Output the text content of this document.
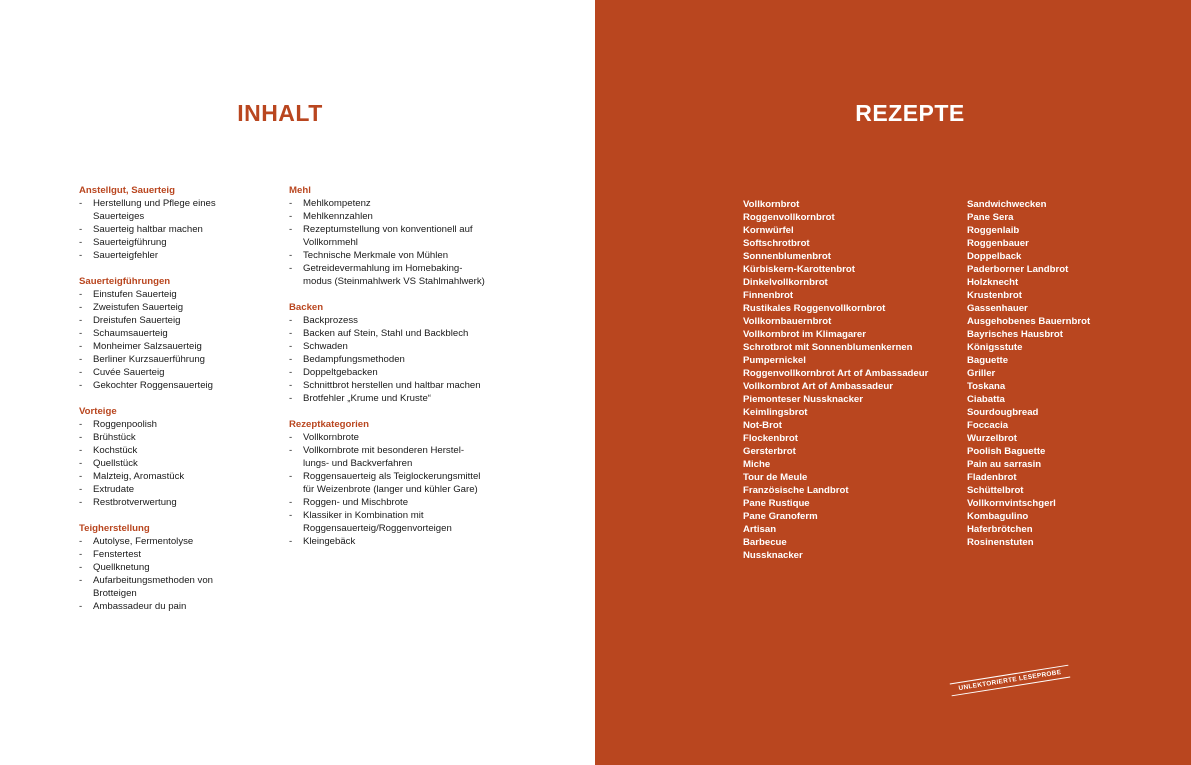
INHALT
Anstellgut, Sauerteig
-	Herstellung und Pflege eines
Sauerteiges
-	Sauerteig haltbar machen
-	Sauerteigführung
-	Sauerteigfehler
Sauerteigführungen
-	Einstufen Sauerteig
-	Zweistufen Sauerteig
-	Dreistufen Sauerteig
-	Schaumsauerteig
-	Monheimer Salzsauerteig
-	Berliner Kurzsauerführung
-	Cuvée Sauerteig
-	Gekochter Roggensauerteig
Vorteige
-	Roggenpoolish
-	Brühstück
-	Kochstück
-	Quellstück
-	Malzteig, Aromastück
-	Extrudate
-	Restbrotverwertung
Teigherstellung
-	Autolyse, Fermentolyse
-	Fenstertest
-	Quellknetung
-	Aufarbeitungsmethoden von
Brotteigen
-	Ambassadeur du pain
Mehl
-	Mehlkompetenz
-	Mehlkennzahlen
-	Rezeptumstellung von konventionell auf
Vollkornmehl
-	Technische Merkmale von Mühlen
-	Getreidevermahlung im Homebaking-
modus (Steinmahlwerk VS Stahlmahlwerk)
Backen
-	Backprozess
-	Backen auf Stein, Stahl und Backblech
-	Schwaden
-	Bedampfungsmethoden
-	Doppeltgebacken
-	Schnittbrot herstellen und haltbar machen
-	Brotfehler „Krume und Kruste“
Rezeptkategorien
-	Vollkornbrote
-	Vollkornbrote mit besonderen Herstel-
lungs- und Backverfahren
-	Roggensauerteig als Teiglockerungsmittel
für Weizenbrote (langer und kühler Gare)
-	Roggen- und Mischbrote
-	Klassiker in Kombination mit
Roggensauerteig/Roggenvorteigen
-	Kleingebäck
REZEPTE
Vollkornbrot
Roggenvollkornbrot
Kornwürfel
Softschrotbrot
Sonnenblumenbrot
Kürbiskern-Karottenbrot
Dinkelvollkornbrot
Finnenbrot
Rustikales Roggenvollkornbrot
Vollkornbauernbrot
Vollkornbrot im Klimagarer
Schrotbrot mit Sonnenblumenkernen
Pumpernickel
Roggenvollkornbrot Art of Ambassadeur
Vollkornbrot Art of Ambassadeur
Piemonteser Nussknacker
Keimlingsbrot
Not-Brot
Flockenbrot
Gersterbrot
Miche
Tour de Meule
Französische Landbrot
Pane Rustique
Pane Granoferm
Artisan
Barbecue
Nussknacker
Sandwichwecken
Pane Sera
Roggenlaib
Roggenbauer
Doppelback
Paderborner Landbrot
Holzknecht
Krustenbrot
Gassenhauer
Ausgehobenes Bauernbrot
Bayrisches Hausbrot
Königsstute
Baguette
Griller
Toskana
Ciabatta
Sourdougbread
Foccacia
Wurzelbrot
Poolish Baguette
Pain au sarrasin
Fladenbrot
Schüttelbrot
Vollkornvintschgerl
Kombagulino
Haferbrötchen
Rosinenstuten
UNLEKTORIERTE LESEPROBE
